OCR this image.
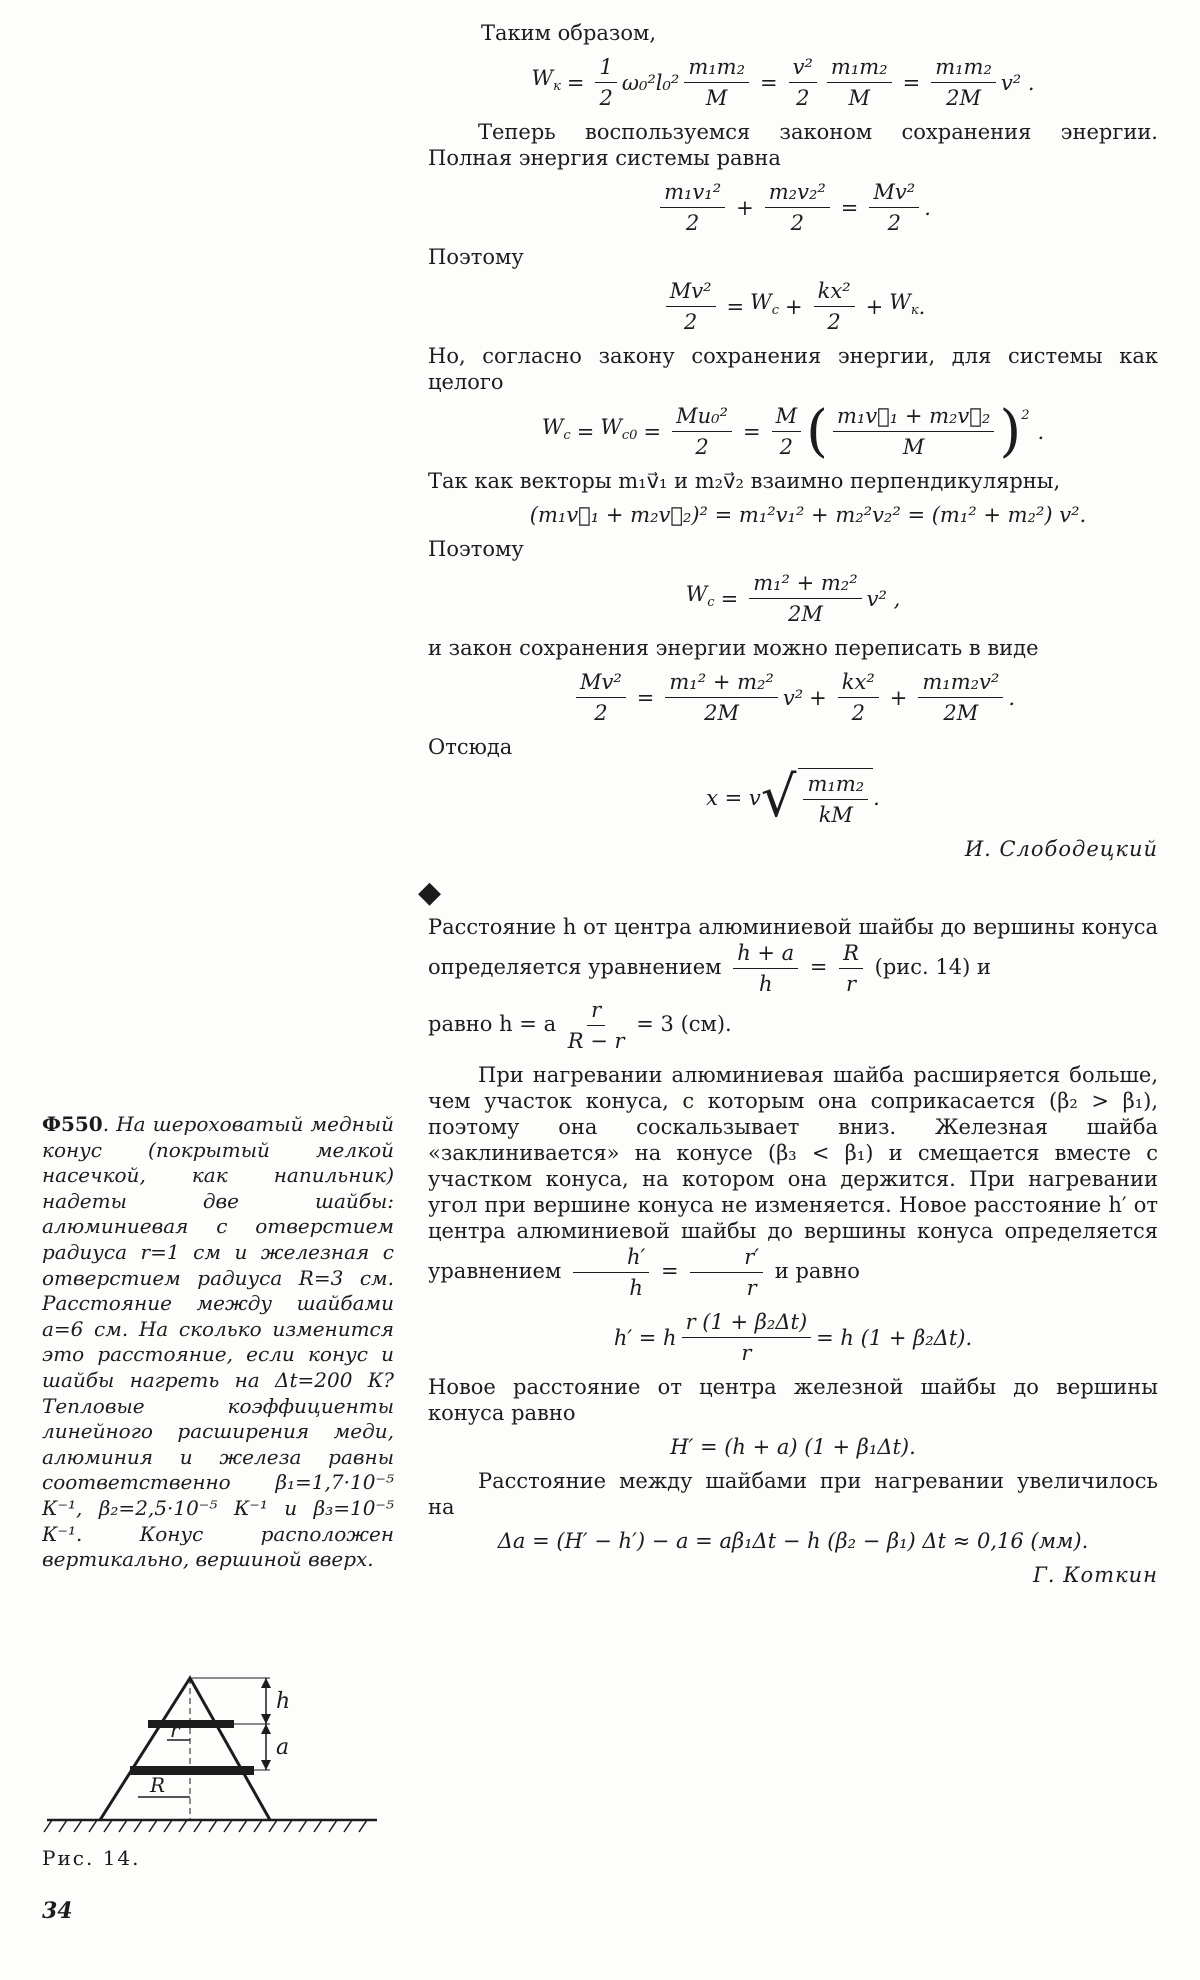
Таким образом,

$W_к = \frac{1}{2} \omega_0^2l_0^2 \frac{\text{m₁m₂}}{M} = \frac{\text{v²}}{2} \frac{\text{m₁m₂}}{M} = \frac{\text{m₁m₂}}{2M} v^2$ .

Теперь воспользуемся законом сохранения энергии. Полная энергия системы равна

m₁v₁²
2
+ $\frac{\text{m₂v₂²}}{2} = \frac{\text{Mv²}}{2}$ .

Поэтому

$\frac{\text{Mv²}}{2} = W_c + \frac{\text{kx²}}{2} + W_к$ .

Но, согласно закону сохранения энергии, для системы как целого

$W_c = W_{c0} = \frac{\text{Mu₀²}}{2} = \frac{M}{2}$ ( m₁v⃗₁ + m₂v⃗₂
M )$^2$
.

Так как векторы m₁v⃗₁ и m₂v⃗₂ взаимно перпендикулярны,

(m₁v⃗₁ + m₂v⃗₂)² = m₁²v₁² + m₂²v₂² = (m₁² + m₂²) v².

Поэтому

$W_c = \frac{\text{m₁² + m₂²}}{2M} v^2$ ,

и закон сохранения энергии можно переписать в виде

$\frac{\text{Mv²}}{2} = \frac{\text{m₁² + m₂²}}{2M} v^2 + \frac{\text{kx²}}{2} + \frac{\text{m₁m₂v²}}{2M}$ .

Отсюда

x = v √ $\frac{\text{m₁m₂}}{kM}$ .

И. Слободецкий

◆

Расстояние h от центра алюминиевой шайбы до вершины конуса определяется уравнением $\frac{h + a}{h} = \frac{R}{r} (рис$. 14) и

равно h = a $\frac{r}{R - r} = 3$ (см).

При нагревании алюминиевая шайба расширяется больше, чем участок конуса, с которым она соприкасается (β₂ > β₁), поэтому она соскальзывает вниз. Железная шайба «заклинивается» на конусе (β₃ < β₁) и смещается вместе с участком конуса, на котором она держится. При нагревании угол при вершине конуса не изменяется. Новое расстояние h′ от центра алюминиевой шайбы до вершины конуса определяется уравнением $\frac{h'}{h} = \frac{r'}{r}$ и равно

h′ = h $\frac{\text{r (1 + β₂Δt)}}{r} = h$ (1 + β₂Δt).

Новое расстояние от центра железной шайбы до вершины конуса равно

H′ = (h + a) (1 + β₁Δt).

Расстояние между шайбами при нагревании увеличилось на

Δa = (H′ − h′) − a = aβ₁Δt − h (β₂ − β₁) Δt ≈ 0,16 (мм).

Г. Коткин

Ф550. На шероховатый медный конус (покрытый мелкой насечкой, как напильник) надеты две шайбы: алюминиевая с отверстием радиуса r=1 см и железная с отверстием радиуса R=3 см. Расстояние между шайбами a=6 см. На сколько изменится это расстояние, если конус и шайбы нагреть на Δt=200 К? Тепловые коэффициенты линейного расширения меди, алюминия и железа равны соответственно β₁=1,7·10⁻⁵ К⁻¹, β₂=2,5·10⁻⁵ К⁻¹ и β₃=10⁻⁵ К⁻¹. Конус расположен вертикально, вершиной вверх.

r
R
h
a

Рис. 14.

34
